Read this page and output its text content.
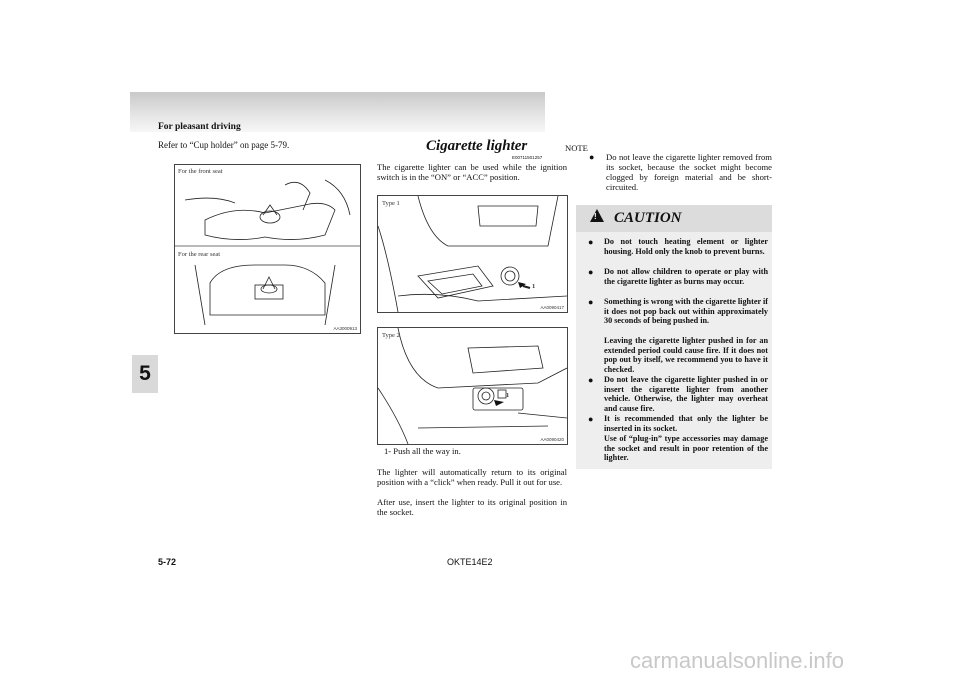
For pleasant driving
5
Refer to “Cup holder” on page 5-79.
For the front seat
For the rear seat
AA3000913
Cigarette lighter
E00711501257
The cigarette lighter can be used while the ignition switch is in the “ON” or “ACC” position.
Type 1
1
AA0090417
Type 2
1
AA0090420
1- Push all the way in.
The lighter will automatically return to its original position with a “click” when ready. Pull it out for use.
After use, insert the lighter to its original position in the socket.
NOTE
● Do not leave the cigarette lighter removed from its socket, because the socket might become clogged by foreign material and be short-circuited.
! CAUTION
● Do not touch heating element or lighter housing. Hold only the knob to prevent burns.
● Do not allow children to operate or play with the cigarette lighter as burns may occur.
● Something is wrong with the cigarette lighter if it does not pop back out within approximately 30 seconds of being pushed in.
Leaving the cigarette lighter pushed in for an extended period could cause fire. If it does not pop out by itself, we recommend you to have it checked.
● Do not leave the cigarette lighter pushed in or insert the cigarette lighter from another vehicle. Otherwise, the lighter may overheat and cause fire.
● It is recommended that only the lighter be inserted in its socket.
Use of “plug-in” type accessories may damage the socket and result in poor retention of the lighter.
5-72	OKTE14E2
carmanualsonline.info
